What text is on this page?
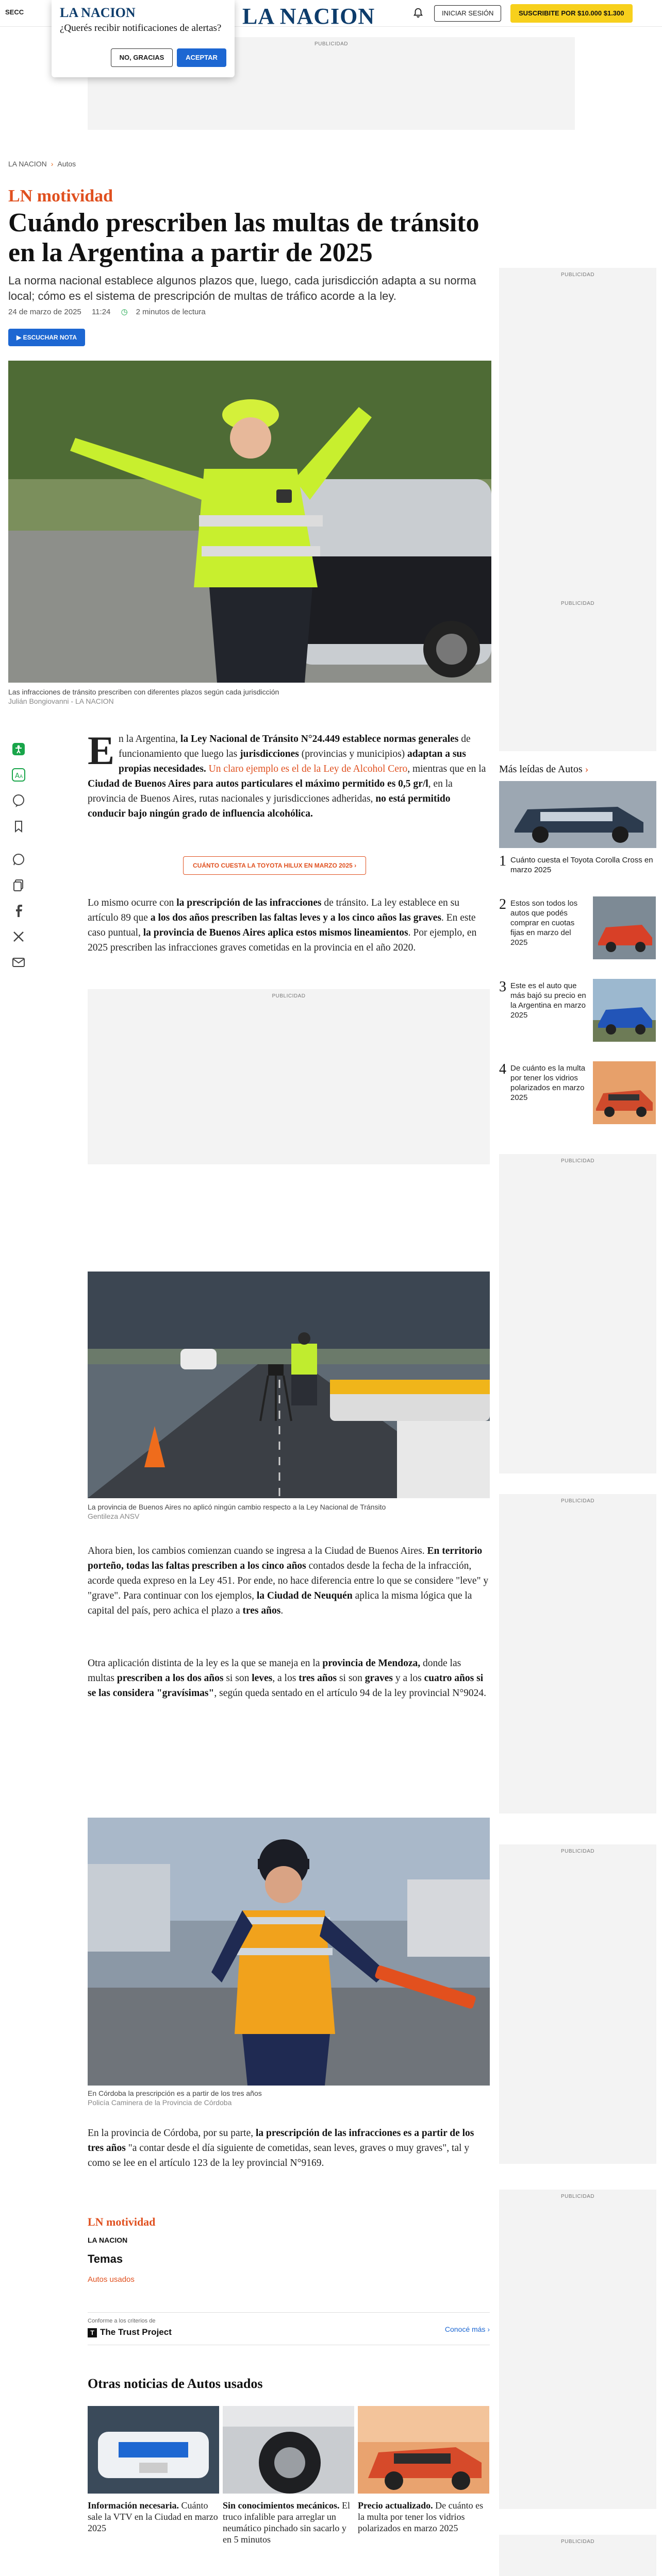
SECC	LA NACION	INICIAR SESIÓN	SUSCRIBITE POR $10.000 $1.300
LA NACION
¿Querés recibir notificaciones de alertas?
NO, GRACIAS	ACEPTAR
PUBLICIDAD
LA NACION › Autos
LN motividad
Cuándo prescriben las multas de tránsito en la Argentina a partir de 2025
La norma nacional establece algunos plazos que, luego, cada jurisdicción adapta a su norma local; cómo es el sistema de prescripción de multas de tráfico acorde a la ley.
24 de marzo de 2025 11:24 ◷ 2 minutos de lectura
▶ ESCUCHAR NOTA
Las infracciones de tránsito prescriben con diferentes plazos según cada jurisdicción
Julián Bongiovanni - LA NACION
A A

En la Argentina, la Ley Nacional de Tránsito N°24.449 establece normas generales de funcionamiento que luego las jurisdicciones (provincias y municipios) adaptan a sus propias necesidades. Un claro ejemplo es el de la Ley de Alcohol Cero, mientras que en la Ciudad de Buenos Aires para autos particulares el máximo permitido es 0,5 gr/l, en la provincia de Buenos Aires, rutas nacionales y jurisdicciones adheridas, no está permitido conducir bajo ningún grado de influencia alcohólica.

CUÁNTO CUESTA LA TOYOTA HILUX EN MARZO 2025 ›

Lo mismo ocurre con la prescripción de las infracciones de tránsito. La ley establece en su artículo 89 que a los dos años prescriben las faltas leves y a los cinco años las graves. En este caso puntual, la provincia de Buenos Aires aplica estos mismos lineamientos. Por ejemplo, en 2025 prescriben las infracciones graves cometidas en la provincia en el año 2020.

PUBLICIDAD
La provincia de Buenos Aires no aplicó ningún cambio respecto a la Ley Nacional de Tránsito
Gentileza ANSV

Ahora bien, los cambios comienzan cuando se ingresa a la Ciudad de Buenos Aires. En territorio porteño, todas las faltas prescriben a los cinco años contados desde la fecha de la infracción, acorde queda expreso en la Ley 451. Por ende, no hace diferencia entre lo que se considere "leve" y "grave". Para continuar con los ejemplos, la Ciudad de Neuquén aplica la misma lógica que la capital del país, pero achica el plazo a tres años.

Otra aplicación distinta de la ley es la que se maneja en la provincia de Mendoza, donde las multas prescriben a los dos años si son leves, a los tres años si son graves y a los cuatro años si se las considera "gravísimas", según queda sentado en el artículo 94 de la ley provincial N°9024.

En Córdoba la prescripción es a partir de los tres años
Policía Caminera de la Provincia de Córdoba

En la provincia de Córdoba, por su parte, la prescripción de las infracciones es a partir de los tres años "a contar desde el día siguiente de cometidas, sean leves, graves o muy graves", tal y como se lee en el artículo 123 de la ley provincial N°9169.

LN motividad
LA NACION
Temas
Autos usados
Conforme a los criterios de
T The Trust Project	Conocé más ›
Otras noticias de Autos usados
Información necesaria. Cuánto sale la VTV en la Ciudad en marzo 2025
Sin conocimientos mecánicos. El truco infalible para arreglar un neumático pinchado sin sacarlo y en 5 minutos
Precio actualizado. De cuánto es la multa por tener los vidrios polarizados en marzo 2025
PUBLICIDAD
PUBLICIDAD
Más leídas de Autos ›
1 Cuánto cuesta el Toyota Corolla Cross en marzo 2025
2 Estos son todos los autos que podés comprar en cuotas fijas en marzo del 2025
3 Este es el auto que más bajó su precio en la Argentina en marzo 2025
4 De cuánto es la multa por tener los vidrios polarizados en marzo 2025
PUBLICIDAD
PUBLICIDAD
PUBLICIDAD
PUBLICIDAD
PUBLICIDAD
